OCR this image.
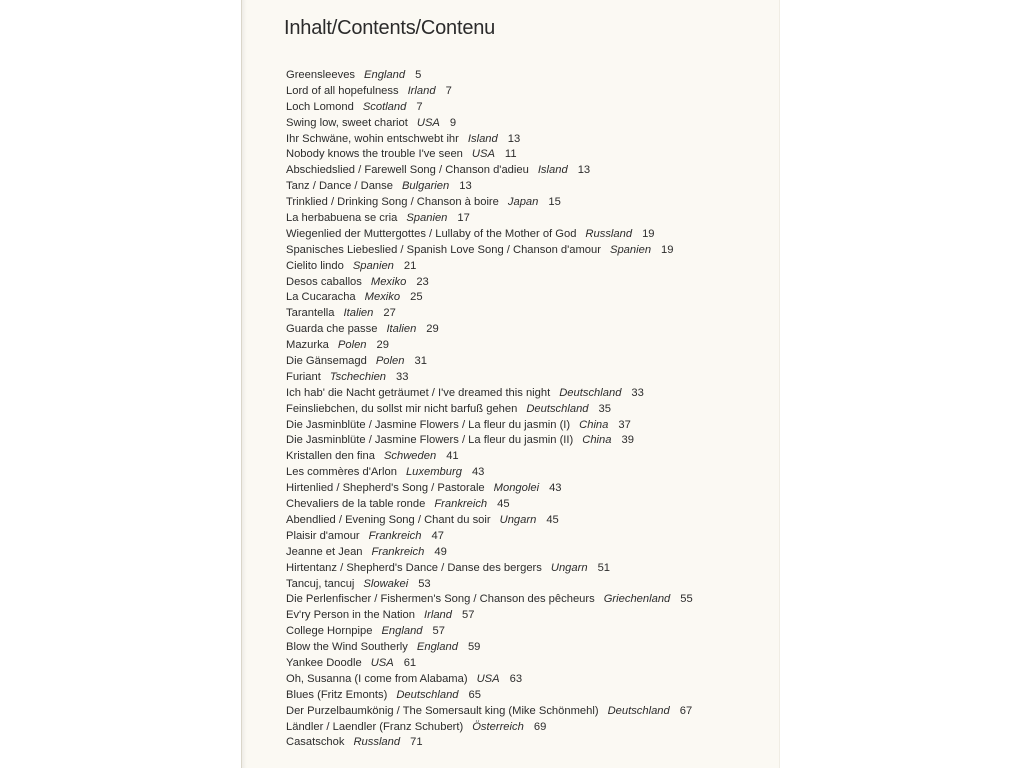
Inhalt/Contents/Contenu
Greensleeves England 5
Lord of all hopefulness Irland 7
Loch Lomond Scotland 7
Swing low, sweet chariot USA 9
Ihr Schwäne, wohin entschwebt ihr Island 13
Nobody knows the trouble I've seen USA 11
Abschiedslied / Farewell Song / Chanson d'adieu Island 13
Tanz / Dance / Danse Bulgarien 13
Trinklied / Drinking Song / Chanson à boire Japan 15
La herbabuena se cria Spanien 17
Wiegenlied der Muttergottes / Lullaby of the Mother of God Russland 19
Spanisches Liebeslied / Spanish Love Song / Chanson d'amour Spanien 19
Cielito lindo Spanien 21
Desos caballos Mexiko 23
La Cucaracha Mexiko 25
Tarantella Italien 27
Guarda che passe Italien 29
Mazurka Polen 29
Die Gänsemagd Polen 31
Furiant Tschechien 33
Ich hab' die Nacht geträumet / I've dreamed this night Deutschland 33
Feinsliebchen, du sollst mir nicht barfuß gehen Deutschland 35
Die Jasminblüte / Jasmine Flowers / La fleur du jasmin (I) China 37
Die Jasminblüte / Jasmine Flowers / La fleur du jasmin (II) China 39
Kristallen den fina Schweden 41
Les commères d'Arlon Luxemburg 43
Hirtenlied / Shepherd's Song / Pastorale Mongolei 43
Chevaliers de la table ronde Frankreich 45
Abendlied / Evening Song / Chant du soir Ungarn 45
Plaisir d'amour Frankreich 47
Jeanne et Jean Frankreich 49
Hirtentanz / Shepherd's Dance / Danse des bergers Ungarn 51
Tancuj, tancuj Slowakei 53
Die Perlenfischer / Fishermen's Song / Chanson des pêcheurs Griechenland 55
Ev'ry Person in the Nation Irland 57
College Hornpipe England 57
Blow the Wind Southerly England 59
Yankee Doodle USA 61
Oh, Susanna (I come from Alabama) USA 63
Blues (Fritz Emonts) Deutschland 65
Der Purzelbaumkönig / The Somersault king (Mike Schönmehl) Deutschland 67
Ländler / Laendler (Franz Schubert) Österreich 69
Casatschok Russland 71
